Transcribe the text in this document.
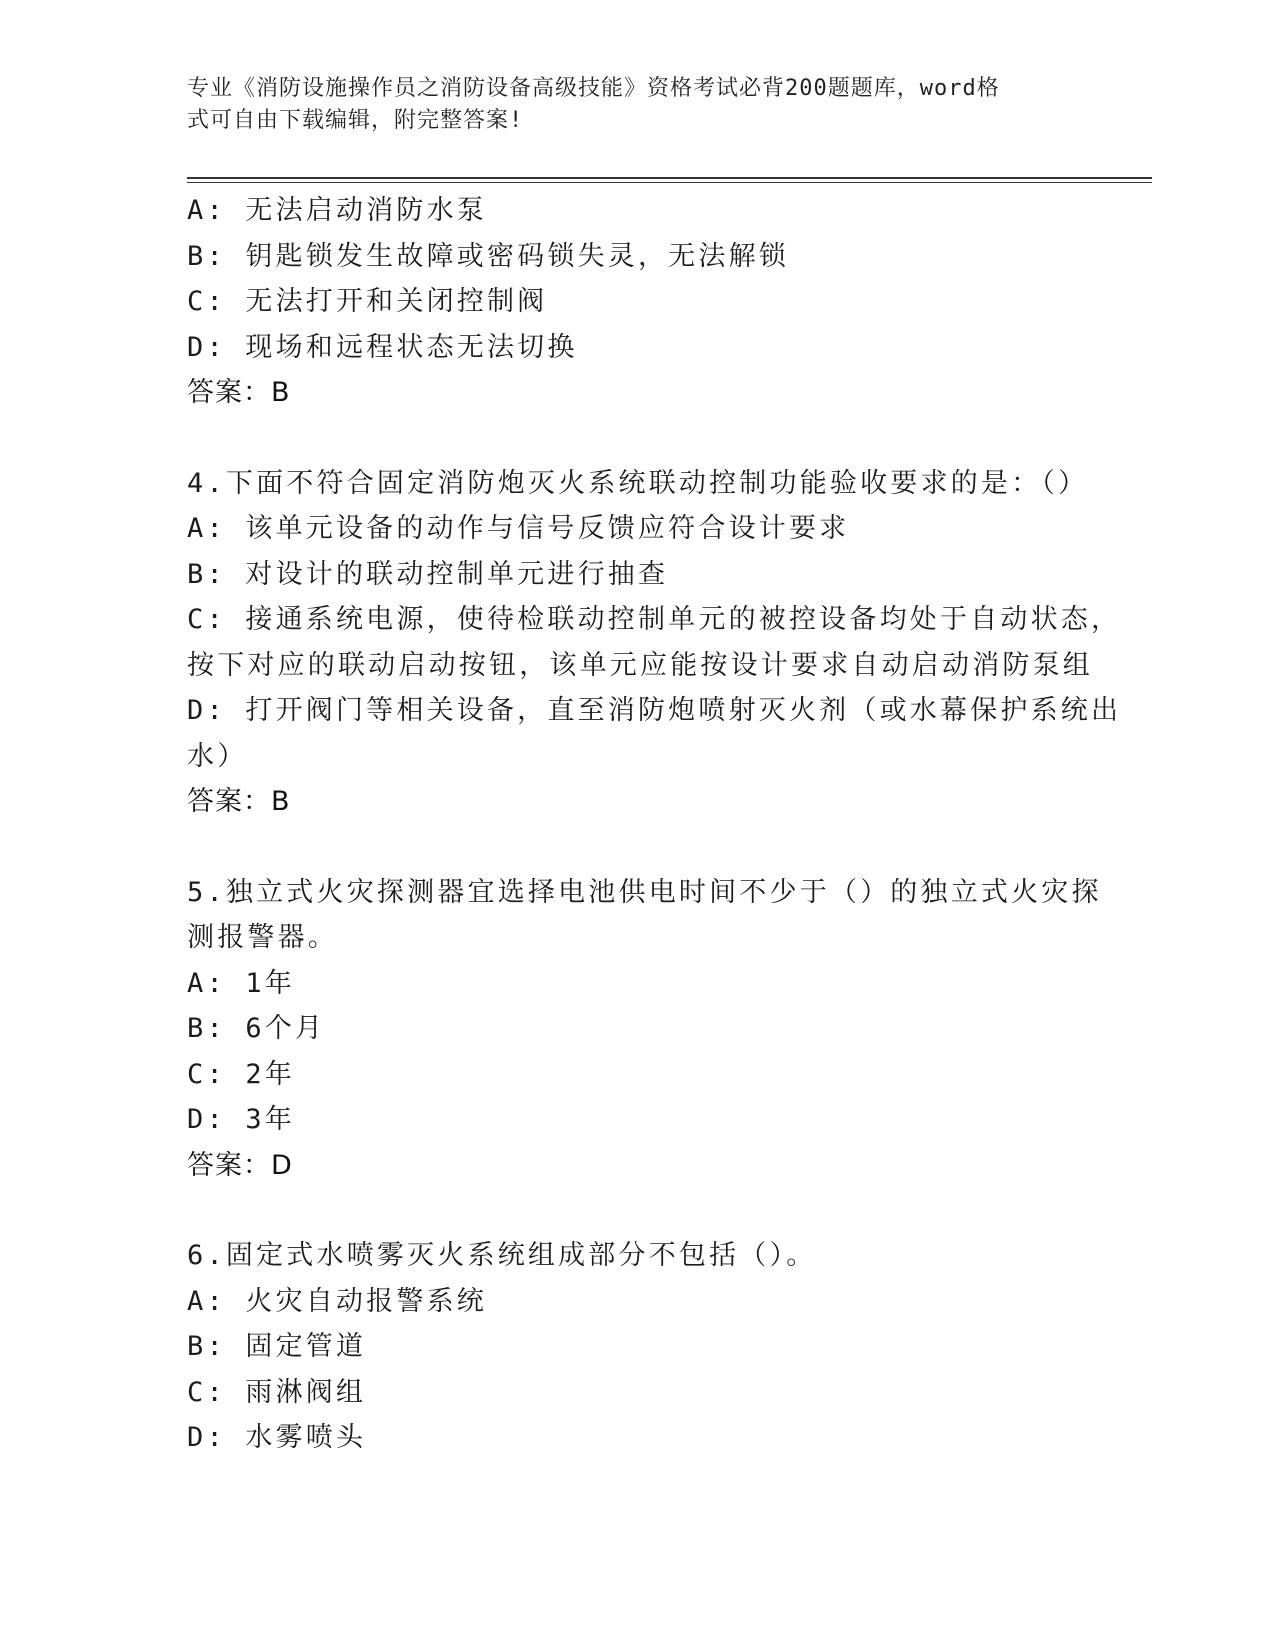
专业《消防设施操作员之消防设备高级技能》资格考试必背200题题库，word格
式可自由下载编辑，附完整答案!
A: 无法启动消防水泵
B: 钥匙锁发生故障或密码锁失灵，无法解锁
C: 无法打开和关闭控制阀
D: 现场和远程状态无法切换
答案：B
4.下面不符合固定消防炮灭火系统联动控制功能验收要求的是：（）
A: 该单元设备的动作与信号反馈应符合设计要求
B: 对设计的联动控制单元进行抽查
C: 接通系统电源，使待检联动控制单元的被控设备均处于自动状态，
按下对应的联动启动按钮，该单元应能按设计要求自动启动消防泵组
D: 打开阀门等相关设备，直至消防炮喷射灭火剂（或水幕保护系统出
水）
答案：B
5.独立式火灾探测器宜选择电池供电时间不少于（）的独立式火灾探
测报警器。
A: 1年
B: 6个月
C: 2年
D: 3年
答案：D
6.固定式水喷雾灭火系统组成部分不包括（）。
A: 火灾自动报警系统
B: 固定管道
C: 雨淋阀组
D: 水雾喷头
